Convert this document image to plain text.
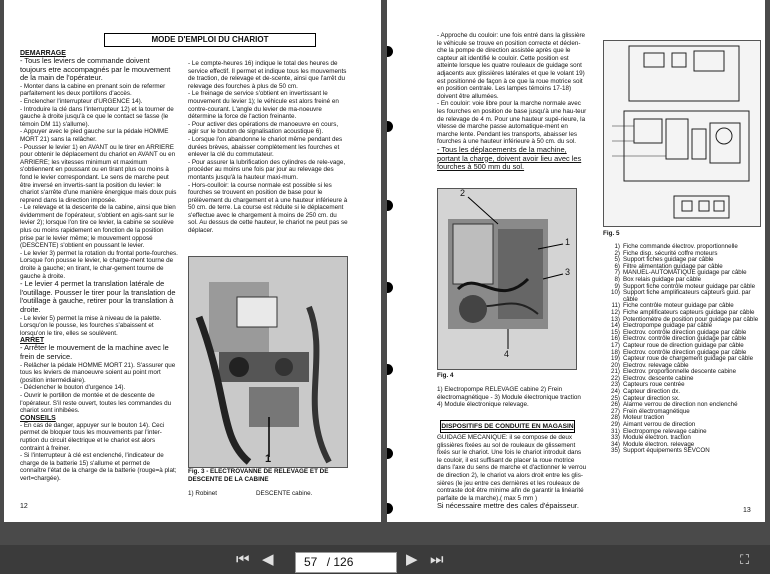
MODE D'EMPLOI DU CHARIOT

DEMARRAGE

- Tous les leviers de commande doivent toujours etre accompagnés par le mouvement de la main de l'opérateur.

- Monter dans la cabine en prenant soin de refermer parfaitement les deux portillons d'accès.

- Enclencher l'interrupteur d'URGENCE 14).

- Introduire la clé dans l'interrupteur 12) et la tourner de gauche à droite jusqu'à ce que le contact se fasse (le témoin DM 11) s'allume).

- Appuyer avec le pied gauche sur la pédale HOMME MORT 21) sans la relâcher.

- Pousser le levier 1) en AVANT ou le tirer en ARRIERE pour obtenir le déplacement du chariot en AVANT ou en ARRIERE; les vitesses minimum et maximum s'obtiennent en poussant ou en tirant plus ou moins à fond le levier correspondant. Le sens de marche peut être inversé en invertis-sant la position du levier: le chariot s'arrête d'une manière énergique mais doux puis reprend dans la direction imposée.

- Le relevage et la descente de la cabine, ainsi que bien évidemment de l'opérateur, s'obtient en agis-sant sur le levier 2); lorsque l'on tire ce levier, la cabine se soulève plus ou moins rapidement en fonction de la position prise par le levier même; le mouvement opposé (DESCENTE) s'obtient en poussant le levier.

- Le levier 3) permet la rotation du frontal porte-fourches. Lorsque l'on pousse le levier, le charge-ment tourne de droite à gauche; en tirant, le char-gement tourne de gauche à droite.

- Le levier 4 permet la translation latérale de l'outillage. Pousser le tirer pour la translation de l'outillage à gauche, retirer pour la translation à droite.

- Le levier 5) permet la mise à niveau de la palette. Lorsqu'on le pousse, les fourches s'abaissent et lorsqu'on le tire, elles se soulèvent.

ARRET

- Arrêter le mouvement de la machine avec le frein de service.

- Relâcher la pédale HOMME MORT 21). S'assurer que tous les leviers de manoeuvre soient au point mort (position intermédiaire).

- Déclencher le bouton d'urgence 14).

- Ouvrir le portillon de montée et de descente de l'opérateur. S'il reste ouvert, toutes les commandes du chariot sont inhibées.

CONSEILS

- En cas de danger, appuyer sur le bouton 14). Ceci permet de bloquer tous les mouvements par l'inter-ruption du circuit électrique et le chariot est alors contraint à freiner.

- Si l'interrupteur à clé est enclenché, l'indicateur de charge de la batterie 15) s'allume et permet de connaître l'état de la charge de la batterie (rouge=à plat; vert=chargée).

- Le compte-heures 16) indique le total des heures de service effectif. Il permet et indique tous les mouvements de traction, de relevage et de-scente, ainsi que l'arrêt du relevage des fourches à plus de 50 cm.

- Le freinage de service s'obtient en invertissant le mouvement du levier 1); le véhicule est alors freiné en contre-courant. L'angle du levier de ma-noeuvre détermine la force de l'action freinante.

- Pour activer des opérations de manoeuvre en cours, agir sur le bouton de signalisation acoustique 6).

- Lorsque l'on abandonne le chariot même pendant des durées brèves, abaisser complètement les fourches et enlever la clé du commutateur.

- Pour assurer la lubrification des cylindres de rele-vage, procéder au moins une fois par jour au relevage des montants jusqu'à la hauteur maxi-mum.

- Hors-coulloir: la course normale est possible si les fourches se trouvent en position de base pour le prélèvement du chargement et à une hauteur inférieure à 50 cm. de terre. La course est réduite si le déplacement s'effectue avec le chargement à moins de 250 cm. du sol. Au dessus de cette hauteur, le chariot ne peut pas se déplacer.

1
Fig. 3 - ELECTROVANNE DE RELEVAGE ET DE DESCENTE DE LA CABINE
1) Robinet	DESCENTE cabine.
12

- Approche du couloir: une fois entré dans la glissière le véhicule se trouve en position correcte et déclen-che la pompe de direction assistée après que le capteur ait identifié le couloir. Cette position est atteinte lorsque les quatre rouleaux de guidage sont adjacents aux glissières latérales et que le volant 19) est positionné de façon à ce que la roue motrice soit en position centrale. Les lampes témoins 17-18) doivent être allumées.

- En couloir: voie libre pour la marche normale avec les fourches en position de base jusqu'à une hau-teur de relevage de 4 m. Pour une hauteur supé-rieure, la vitesse de marche passe automatique-ment en marche lente. Pendant les transports, abaisser les fourches à une hauteur inférieure à 50 cm. du sol.

- Tous les déplacements de la machine, portant la charge, doivent avoir lieu avec les fourches à 500 mm du sol.

2
1
3
4
Fig. 4
1) Electropompe RELEVAGE cabine 2) Frein électromagnétique - 3) Module électronique traction 4) Module électronique relevage.
DISPOSITIFS DE CONDUITE EN MAGASIN

GUIDAGE MECANIQUE: il se compose de deux glissières fixées au sol de rouleaux de glissement fixés sur le chariot. Une fois le chariot introduit dans le couloir, il est suffisant de placer la roue motrice dans l'axe du sens de marche et d'actionner le verrou de direction 2), le chariot va alors droit entre les glis-sières (le jeu entre ces dernières et les rouleaux de contraste doit être minime afin de garantir la linéarité parfaite de la marche).( max 5 mm )

Si nécessaire mettre des cales d'épaisseur.

Fig. 5

1) Fiche commande électrov. proportionnelle

2) Fiche disp. sécurité coffre moteurs

5) Support fiches guidage par câble

6) Filtre alimentation guidage par câble

7) MANUEL-AUTOMATIQUE guidage par câble

8) Box relais guidage par câble

9) Support fiche contrôle moteur guidage par câble

10) Support fiche amplificateurs capteurs guid. par câble

11) Fiche contrôle moteur guidage par câble

12) Fiche amplificateurs capteurs guidage par câble

13) Potentiomètre de position pour guidage par câble

14) Electropompe guidage par câble

15) Electrov. contrôle direction guidage par câble

16) Electrov. contrôle direction guidage par câble

17) Capteur roue de direction guidage par câble

18) Electrov. contrôle direction guidage par câble

19) Capteur roue de chargement guidage par câble

20) Electrov. relevage câble

21) Electrov. proportionnelle descente cabine

22) Electrov. descente cabine

23) Capteurs roue centrée

24) Capteur direction dx.

25) Capteur direction sx.

26) Alarme verrou de direction non enclenché

27) Frein électromagnétique

28) Moteur traction

29) Aimant verrou de direction

31) Electropompe relevage cabine

33) Module électron. traction

34) Module électron. relevage

35) Support équipements SEVCON

13
⏮ ◀	▶ ⏭	⛶
57 / 126
